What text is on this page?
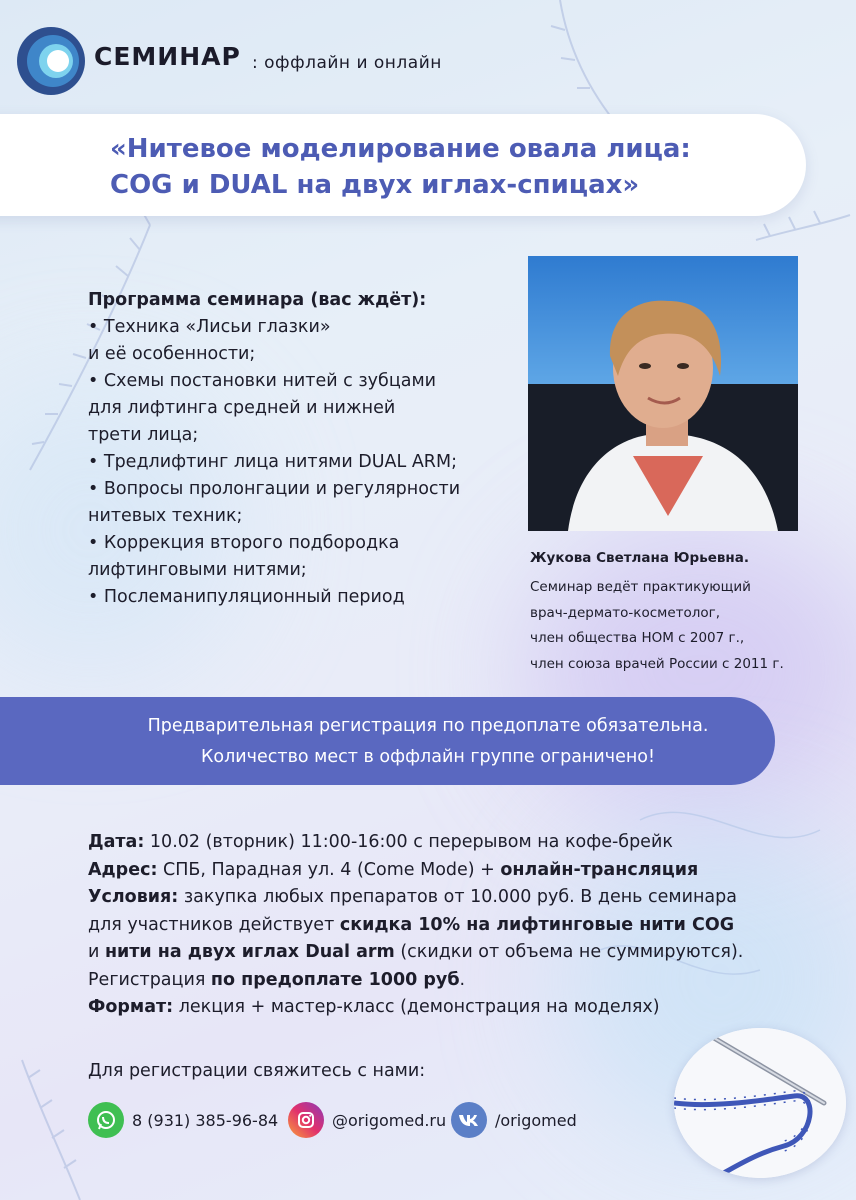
СЕМИНАР : оффлайн и онлайн
«Нитевое моделирование овала лица:
COG и DUAL на двух иглах-спицах»
Программа семинара (вас ждёт):
• Техника «Лисьи глазки»
и её особенности;
• Схемы постановки нитей с зубцами
для лифтинга средней и нижней
трети лица;
• Тредлифтинг лица нитями DUAL ARM;
• Вопросы пролонгации и регулярности
нитевых техник;
• Коррекция второго подбородка
лифтинговыми нитями;
• Послеманипуляционный период
Жукова Светлана Юрьевна.
Семинар ведёт практикующий
врач-дермато-косметолог,
член общества НОМ с 2007 г.,
член союза врачей России с 2011 г.
Предварительная регистрация по предоплате обязательна.
Количество мест в оффлайн группе ограничено!

Дата: 10.02 (вторник) 11:00-16:00 с перерывом на кофе-брейк

Адрес: СПБ, Парадная ул. 4 (Come Mode) + онлайн-трансляция

Условия: закупка любых препаратов от 10.000 руб. В день семинара

для участников действует скидка 10% на лифтинговые нити COG

и нити на двух иглах Dual arm (скидки от объема не суммируются).

Регистрация по предоплате 1000 руб.

Формат: лекция + мастер-класс (демонстрация на моделях)

Для регистрации свяжитесь с нами:
8 (931) 385-96-84	@origomed.ru	/origomed
